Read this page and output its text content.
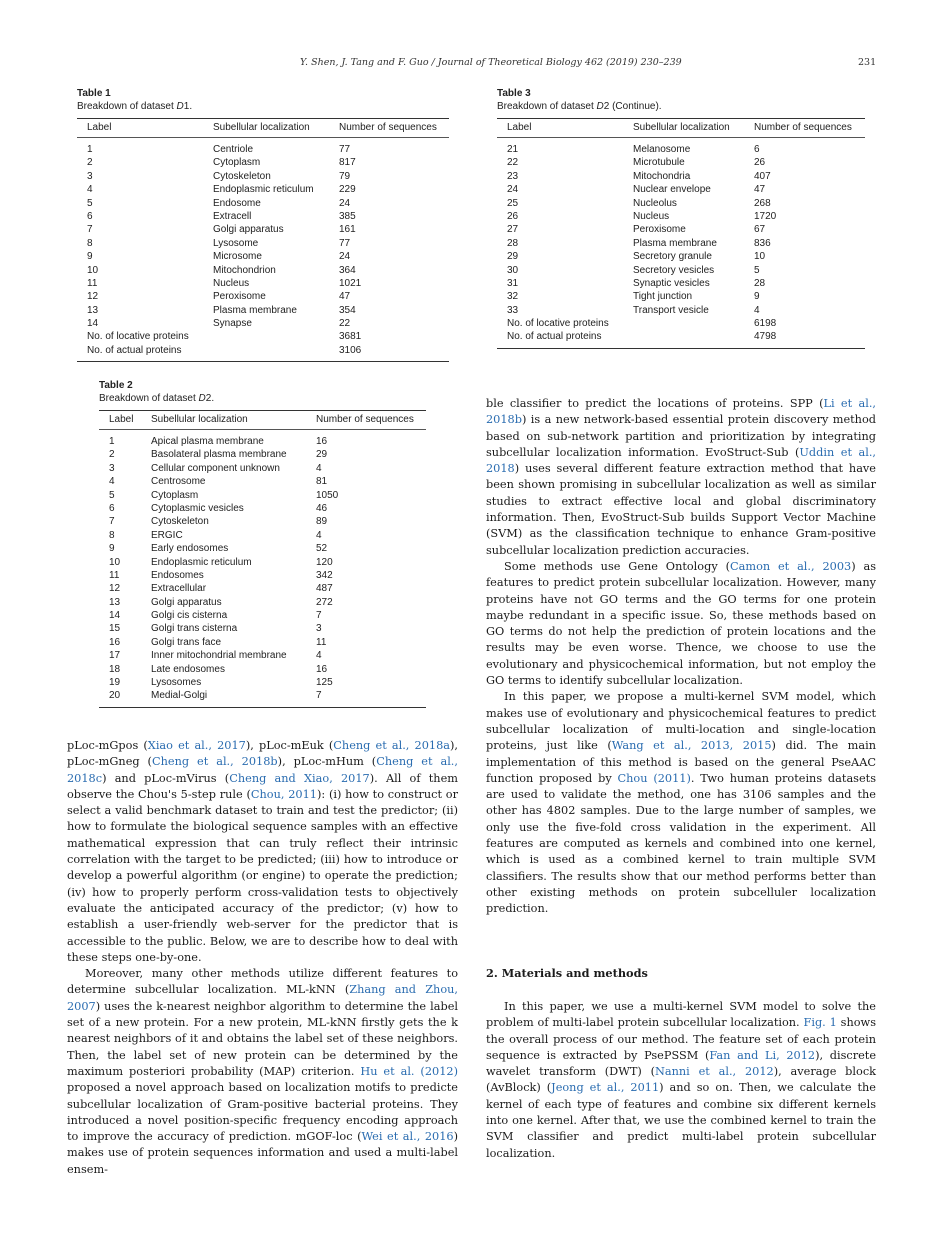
Y. Shen, J. Tang and F. Guo / Journal of Theoretical Biology 462 (2019) 230–239	231
Table 1
Breakdown of dataset D1.
Label	Subellular localization	Number of sequences
1	Centriole	77
2	Cytoplasm	817
3	Cytoskeleton	79
4	Endoplasmic reticulum	229
5	Endosome	24
6	Extracell	385
7	Golgi apparatus	161
8	Lysosome	77
9	Microsome	24
10	Mitochondrion	364
11	Nucleus	1021
12	Peroxisome	47
13	Plasma membrane	354
14	Synapse	22
No. of locative proteins	3681
No. of actual proteins	3106
Table 3
Breakdown of dataset D2 (Continue).
Label	Subellular localization	Number of sequences
21	Melanosome	6
22	Microtubule	26
23	Mitochondria	407
24	Nuclear envelope	47
25	Nucleolus	268
26	Nucleus	1720
27	Peroxisome	67
28	Plasma membrane	836
29	Secretory granule	10
30	Secretory vesicles	5
31	Synaptic vesicles	28
32	Tight junction	9
33	Transport vesicle	4
No. of locative proteins	6198
No. of actual proteins	4798
Table 2
Breakdown of dataset D2.
Label	Subellular localization	Number of sequences
1	Apical plasma membrane	16
2	Basolateral plasma membrane	29
3	Cellular component unknown	4
4	Centrosome	81
5	Cytoplasm	1050
6	Cytoplasmic vesicles	46
7	Cytoskeleton	89
8	ERGIC	4
9	Early endosomes	52
10	Endoplasmic reticulum	120
11	Endosomes	342
12	Extracellular	487
13	Golgi apparatus	272
14	Golgi cis cisterna	7
15	Golgi trans cisterna	3
16	Golgi trans face	11
17	Inner mitochondrial membrane	4
18	Late endosomes	16
19	Lysosomes	125
20	Medial-Golgi	7

pLoc-mGpos (Xiao et al., 2017), pLoc-mEuk (Cheng et al., 2018a), pLoc-mGneg (Cheng et al., 2018b), pLoc-mHum (Cheng et al., 2018c) and pLoc-mVirus (Cheng and Xiao, 2017). All of them observe the Chou's 5-step rule (Chou, 2011): (i) how to construct or select a valid benchmark dataset to train and test the predictor; (ii) how to formulate the biological sequence samples with an effective mathematical expression that can truly reflect their intrinsic correlation with the target to be predicted; (iii) how to introduce or develop a powerful algorithm (or engine) to operate the prediction; (iv) how to properly perform cross-validation tests to objectively evaluate the anticipated accuracy of the predictor; (v) how to establish a user-friendly web-server for the predictor that is accessible to the public. Below, we are to describe how to deal with these steps one-by-one.

Moreover, many other methods utilize different features to determine subcellular localization. ML-kNN (Zhang and Zhou, 2007) uses the k-nearest neighbor algorithm to determine the label set of a new protein. For a new protein, ML-kNN firstly gets the k nearest neighbors of it and obtains the label set of these neighbors. Then, the label set of new protein can be determined by the maximum posteriori probability (MAP) criterion. Hu et al. (2012) proposed a novel approach based on localization motifs to predicte subcellular localization of Gram-positive bacterial proteins. They introduced a novel position-specific frequency encoding approach to improve the accuracy of prediction. mGOF-loc (Wei et al., 2016) makes use of protein sequences information and used a multi-label ensem-

ble classifier to predict the locations of proteins. SPP (Li et al., 2018b) is a new network-based essential protein discovery method based on sub-network partition and prioritization by integrating subcellular localization information. EvoStruct-Sub (Uddin et al., 2018) uses several different feature extraction method that have been shown promising in subcellular localization as well as similar studies to extract effective local and global discriminatory information. Then, EvoStruct-Sub builds Support Vector Machine (SVM) as the classification technique to enhance Gram-positive subcellular localization prediction accuracies.

Some methods use Gene Ontology (Camon et al., 2003) as features to predict protein subcellular localization. However, many proteins have not GO terms and the GO terms for one protein maybe redundant in a specific issue. So, these methods based on GO terms do not help the prediction of protein locations and the results may be even worse. Thence, we choose to use the evolutionary and physicochemical information, but not employ the GO terms to identify subcellular localization.

In this paper, we propose a multi-kernel SVM model, which makes use of evolutionary and physicochemical features to predict subcellular localization of multi-location and single-location proteins, just like (Wang et al., 2013, 2015) did. The main implementation of this method is based on the general PseAAC function proposed by Chou (2011). Two human proteins datasets are used to validate the method, one has 3106 samples and the other has 4802 samples. Due to the large number of samples, we only use the five-fold cross validation in the experiment. All features are computed as kernels and combined into one kernel, which is used as a combined kernel to train multiple SVM classifiers. The results show that our method performs better than other existing methods on protein subcelluler localization prediction.

2. Materials and methods

In this paper, we use a multi-kernel SVM model to solve the problem of multi-label protein subcellular localization. Fig. 1 shows the overall process of our method. The feature set of each protein sequence is extracted by PsePSSM (Fan and Li, 2012), discrete wavelet transform (DWT) (Nanni et al., 2012), average block (AvBlock) (Jeong et al., 2011) and so on. Then, we calculate the kernel of each type of features and combine six different kernels into one kernel. After that, we use the combined kernel to train the SVM classifier and predict multi-label protein subcellular localization.
